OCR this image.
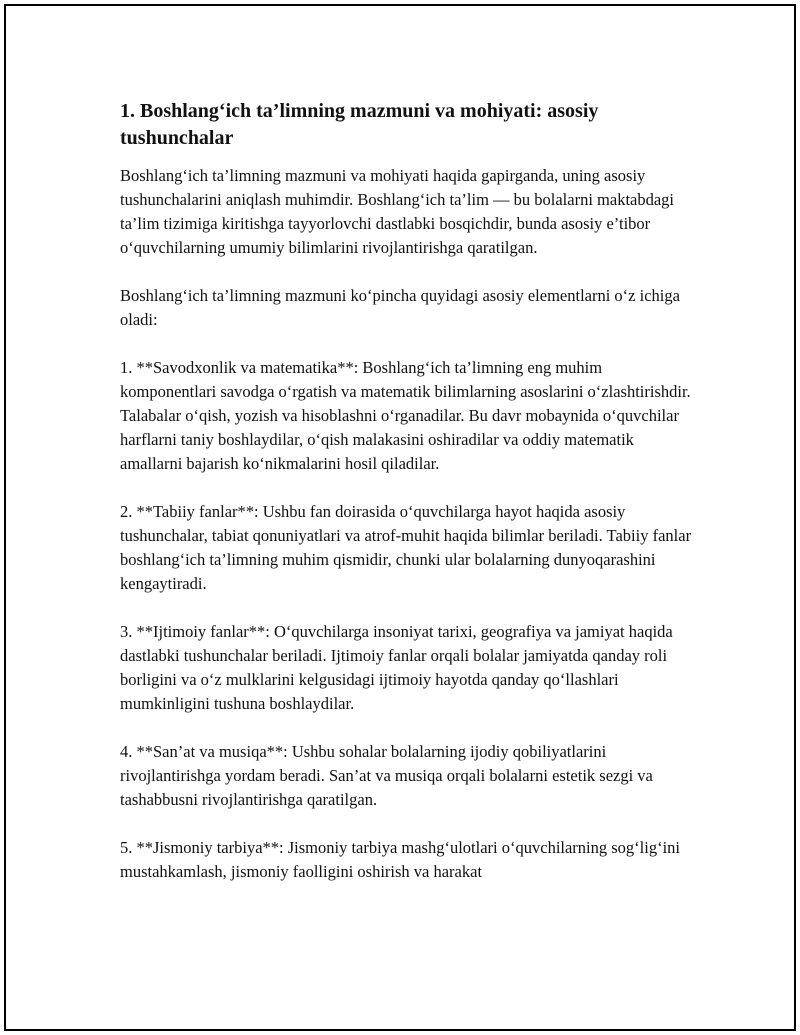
1. Boshlang‘ich ta’limning mazmuni va mohiyati: asosiy tushunchalar

Boshlang‘ich ta’limning mazmuni va mohiyati haqida gapirganda, uning asosiy tushunchalarini aniqlash muhimdir. Boshlang‘ich ta’lim — bu bolalarni maktabdagi ta’lim tizimiga kiritishga tayyorlovchi dastlabki bosqichdir, bunda asosiy e’tibor o‘quvchilarning umumiy bilimlarini rivojlantirishga qaratilgan.

Boshlang‘ich ta’limning mazmuni ko‘pincha quyidagi asosiy elementlarni o‘z ichiga oladi:

1. **Savodxonlik va matematika**: Boshlang‘ich ta’limning eng muhim komponentlari savodga o‘rgatish va matematik bilimlarning asoslarini o‘zlashtirishdir. Talabalar o‘qish, yozish va hisoblashni o‘rganadilar. Bu davr mobaynida o‘quvchilar harflarni taniy boshlaydilar, o‘qish malakasini oshiradilar va oddiy matematik amallarni bajarish ko‘nikmalarini hosil qiladilar.

2. **Tabiiy fanlar**: Ushbu fan doirasida o‘quvchilarga hayot haqida asosiy tushunchalar, tabiat qonuniyatlari va atrof-muhit haqida bilimlar beriladi. Tabiiy fanlar boshlang‘ich ta’limning muhim qismidir, chunki ular bolalarning dunyoqarashini kengaytiradi.

3. **Ijtimoiy fanlar**: O‘quvchilarga insoniyat tarixi, geografiya va jamiyat haqida dastlabki tushunchalar beriladi. Ijtimoiy fanlar orqali bolalar jamiyatda qanday roli borligini va o‘z mulklarini kelgusidagi ijtimoiy hayotda qanday qo‘llashlari mumkinligini tushuna boshlaydilar.

4. **San’at va musiqa**: Ushbu sohalar bolalarning ijodiy qobiliyatlarini rivojlantirishga yordam beradi. San’at va musiqa orqali bolalarni estetik sezgi va tashabbusni rivojlantirishga qaratilgan.

5. **Jismoniy tarbiya**: Jismoniy tarbiya mashg‘ulotlari o‘quvchilarning sog‘lig‘ini mustahkamlash, jismoniy faolligini oshirish va harakat
